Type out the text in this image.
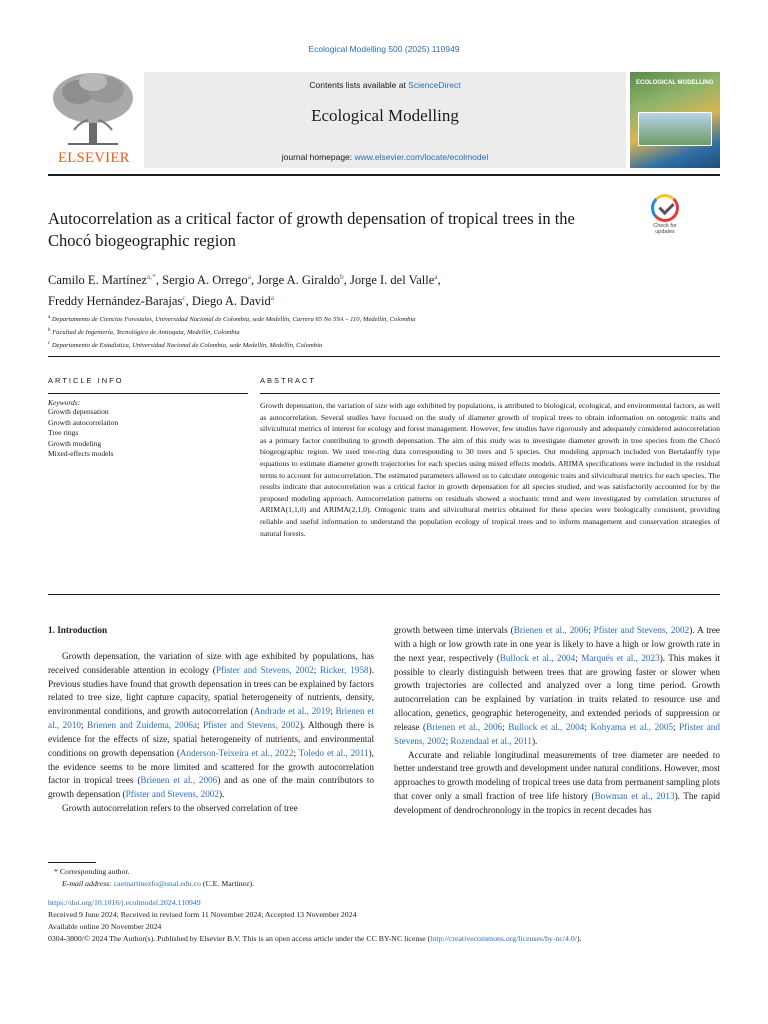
Ecological Modelling 500 (2025) 110949
ELSEVIER
Contents lists available at ScienceDirect
Ecological Modelling
journal homepage: www.elsevier.com/locate/ecolmodel
ECOLOGICAL MODELLING
Autocorrelation as a critical factor of growth depensation of tropical trees in the Chocó biogeographic region
Check for updates
Camilo E. Martínez$^{a,*}$, Sergio A. Orrego$^a$, Jorge A. Giraldo$^b$, Jorge I. del Valle$^a$,
Freddy Hernández-Barajas$^c$, Diego A. David$^a$
$^a$ Departamento de Ciencias Forestales, Universidad Nacional de Colombia, sede Medellín, Carrera 65 No 59A – 110, Medellín, Colombia
$^b$ Facultad de Ingeniería, Tecnológico de Antioquia, Medellín, Colombia
$^c$ Departamento de Estadística, Universidad Nacional de Colombia, sede Medellín, Medellín, Colombia
ARTICLE INFO
Keywords:
Growth depensation
Growth autocorrelation
Tree rings
Growth modeling
Mixed-effects models
ABSTRACT
Growth depensation, the variation of size with age exhibited by populations, is attributed to biological, ecological, and environmental factors, as well as autocorrelation. Several studies have focused on the study of diameter growth of tropical trees to obtain information on ontogenic traits and silvicultural metrics of interest for ecology and forest management. However, few studies have rigorously and adequately considered autocorrelation as a primary factor contributing to growth depensation. The aim of this study was to investigate diameter growth in tree species from the Chocó biogeographic region. We used tree-ring data corresponding to 30 trees and 5 species. Our modeling approach included von Bertalanffy type equations to estimate diameter growth trajectories for each species using mixed effects models. ARIMA specifications were included in the residual terms to account for autocorrelation. The estimated parameters allowed us to calculate ontogenic traits and silvicultural metrics for each species. The results indicate that autocorrelation was a critical factor in growth depensation for all species studied, and was satisfactorily accounted for by the proposed modeling approach. Autocorrelation patterns on residuals showed a stochastic trend and were investigated by correlation structures of ARIMA(1,1,0) and ARIMA(2,1,0). Ontogenic traits and silvicultural metrics obtained for these species were biologically consistent, providing reliable and useful information to understand the population ecology of tropical trees and to inform management and conservation strategies of natural forests.
1. Introduction

Growth depensation, the variation of size with age exhibited by populations, has received considerable attention in ecology (Pfister and Stevens, 2002; Ricker, 1958). Previous studies have found that growth depensation in trees can be explained by factors related to tree size, light capture capacity, spatial heterogeneity of nutrients, density, environmental conditions, and growth autocorrelation (Andrade et al., 2019; Brienen et al., 2010; Brienen and Zuidema, 2006a; Pfister and Stevens, 2002). Although there is evidence for the effects of size, spatial heterogeneity of nutrients, and environmental conditions on growth depensation (Anderson-Teixeira et al., 2022; Toledo et al., 2011), the evidence seems to be more limited and scattered for the growth autocorrelation factor in tropical trees (Brienen et al., 2006) and as one of the main contributors to growth depensation (Pfister and Stevens, 2002).

Growth autocorrelation refers to the observed correlation of tree

growth between time intervals (Brienen et al., 2006; Pfister and Stevens, 2002). A tree with a high or low growth rate in one year is likely to have a high or low growth rate in the next year, respectively (Bullock et al., 2004; Marqués et al., 2023). This makes it possible to clearly distinguish between trees that are growing faster or slower when growth trajectories are collected and analyzed over a long time period. Growth autocorrelation can be explained by variation in traits related to resource use and allocation, genetics, geographic heterogeneity, and extended periods of suppression or release (Brienen et al., 2006; Bullock et al., 2004; Kohyama et al., 2005; Pfister and Stevens, 2002; Rozendaal et al., 2011).

Accurate and reliable longitudinal measurements of tree diameter are needed to better understand tree growth and development under natural conditions. However, most approaches to growth modeling of tropical trees use data from permanent sampling plots that cover only a small fraction of tree life history (Bowman et al., 2013). The rapid development of dendrochronology in the tropics in recent decades has

* Corresponding author.
E-mail address: caemartinezfo@unal.edu.co (C.E. Martínez).
https://doi.org/10.1016/j.ecolmodel.2024.110949
Received 9 June 2024; Received in revised form 11 November 2024; Accepted 13 November 2024
Available online 20 November 2024
0304-3800/© 2024 The Author(s). Published by Elsevier B.V. This is an open access article under the CC BY-NC license (http://creativecommons.org/licenses/by-nc/4.0/).
